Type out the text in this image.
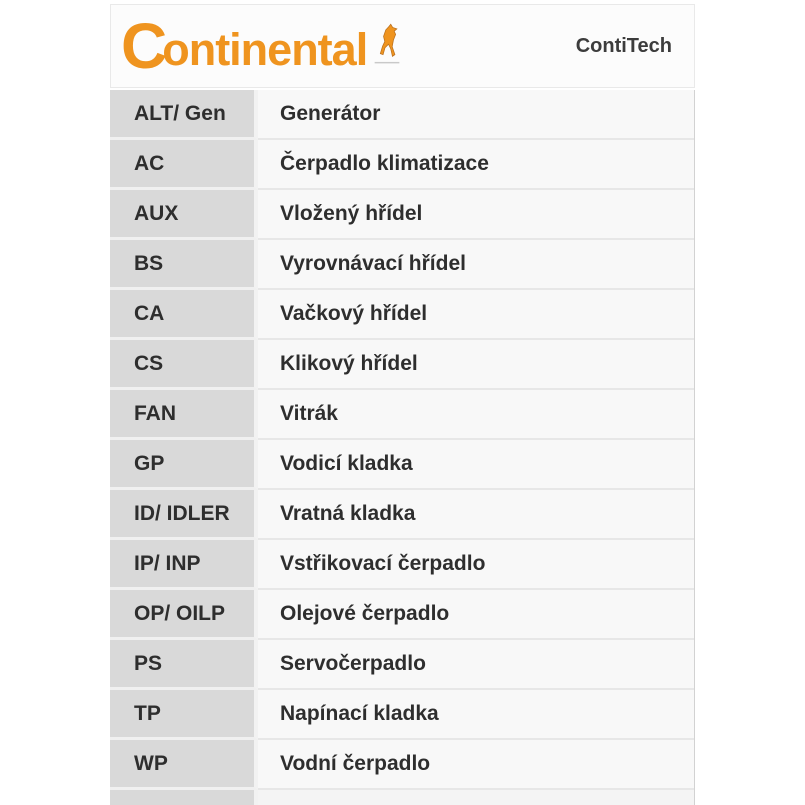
C
ontinental	ContiTech
ALT/ Gen	Generátor
AC	Čerpadlo klimatizace
AUX	Vložený hřídel
BS	Vyrovnávací hřídel
CA	Vačkový hřídel
CS	Klikový hřídel
FAN	Vitrák
GP	Vodicí kladka
ID/ IDLER	Vratná kladka
IP/ INP	Vstřikovací čerpadlo
OP/ OILP	Olejové čerpadlo
PS	Servočerpadlo
TP	Napínací kladka
WP	Vodní čerpadlo
